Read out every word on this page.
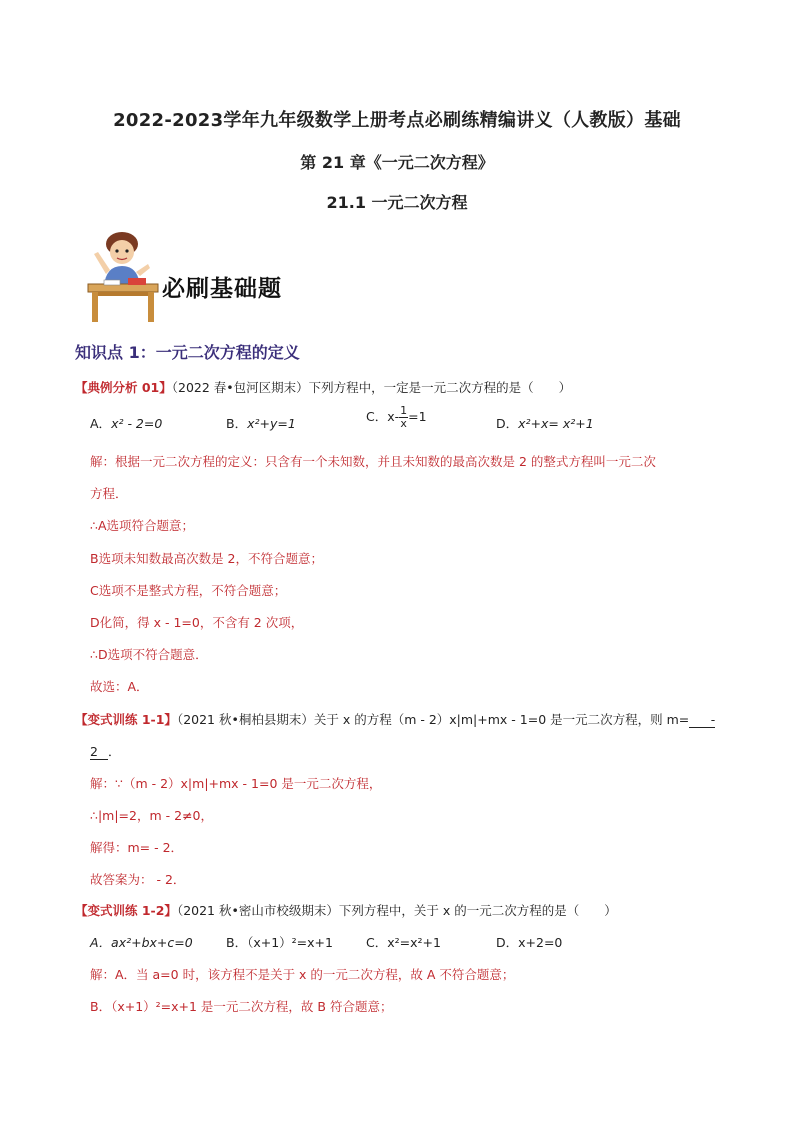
2022-2023学年九年级数学上册考点必刷练精编讲义（人教版）基础
第 21 章《一元二次方程》
21.1 一元二次方程
必刷基础题
知识点 1：一元二次方程的定义
【典例分析 01】（2022 春•包河区期末）下列方程中，一定是一元二次方程的是（　　）
A．x² - 2=0	B．x²+y=1	C．$x- \frac{1}{x} =1$	D．x²+x= x²+1
解：根据一元二次方程的定义：只含有一个未知数，并且未知数的最高次数是 2 的整式方程叫一元二次
方程．
∴A选项符合题意；
B选项未知数最高次数是 2，不符合题意；
C选项不是整式方程，不符合题意；
D化简，得 x - 1=0，不含有 2 次项，
∴D选项不符合题意．
故选：A．
【变式训练 1-1】（2021 秋•桐柏县期末）关于 x 的方程（m - 2）x|m|+mx - 1=0 是一元二次方程，则 m= -
2 ．
解：∵（m - 2）x|m|+mx - 1=0 是一元二次方程，
∴|m|=2，m - 2≠0，
解得：m= - 2．
故答案为： - 2．
【变式训练 1-2】（2021 秋•密山市校级期末）下列方程中，关于 x 的一元二次方程的是（　　）
A．ax²+bx+c=0	B．（x+1）²=x+1	C．x²=x²+1	D．x+2=0
解：A．当 a=0 时，该方程不是关于 x 的一元二次方程，故 A 不符合题意；
B．（x+1）²=x+1 是一元二次方程，故 B 符合题意；
